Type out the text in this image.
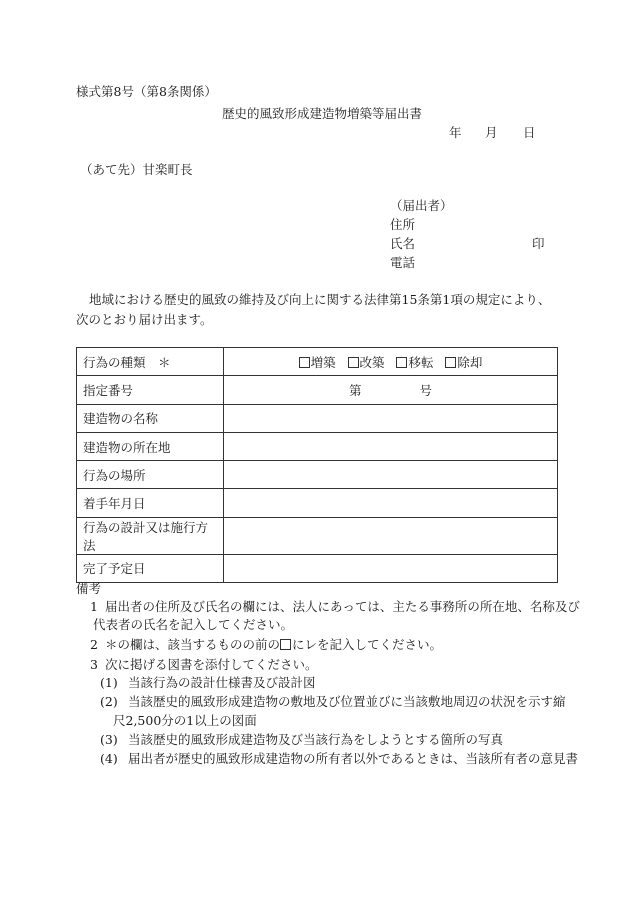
様式第8号（第8条関係）
歴史的風致形成建造物増築等届出書
年 月 日
（あて先）甘楽町長
（届出者）
住所
氏名	印
電話
地域における歴史的風致の維持及び向上に関する法律第15条第1項の規定により、次のとおり届け出ます。
行為の種類　＊	増築 改築 移転 除却
指定番号	第 号
建造物の名称	
建造物の所在地	
行為の場所	
着手年月日	
行為の設計又は施行方法	
完了予定日	
備考
1 届出者の住所及び氏名の欄には、法人にあっては、主たる事務所の所在地、名称及び
代表者の氏名を記入してください。
2 ＊の欄は、該当するものの前の にレを記入してください。
3 次に掲げる図書を添付してください。
(1) 当該行為の設計仕様書及び設計図
(2) 当該歴史的風致形成建造物の敷地及び位置並びに当該敷地周辺の状況を示す縮
尺2,500分の1以上の図面
(3) 当該歴史的風致形成建造物及び当該行為をしようとする箇所の写真
(4) 届出者が歴史的風致形成建造物の所有者以外であるときは、当該所有者の意見書
